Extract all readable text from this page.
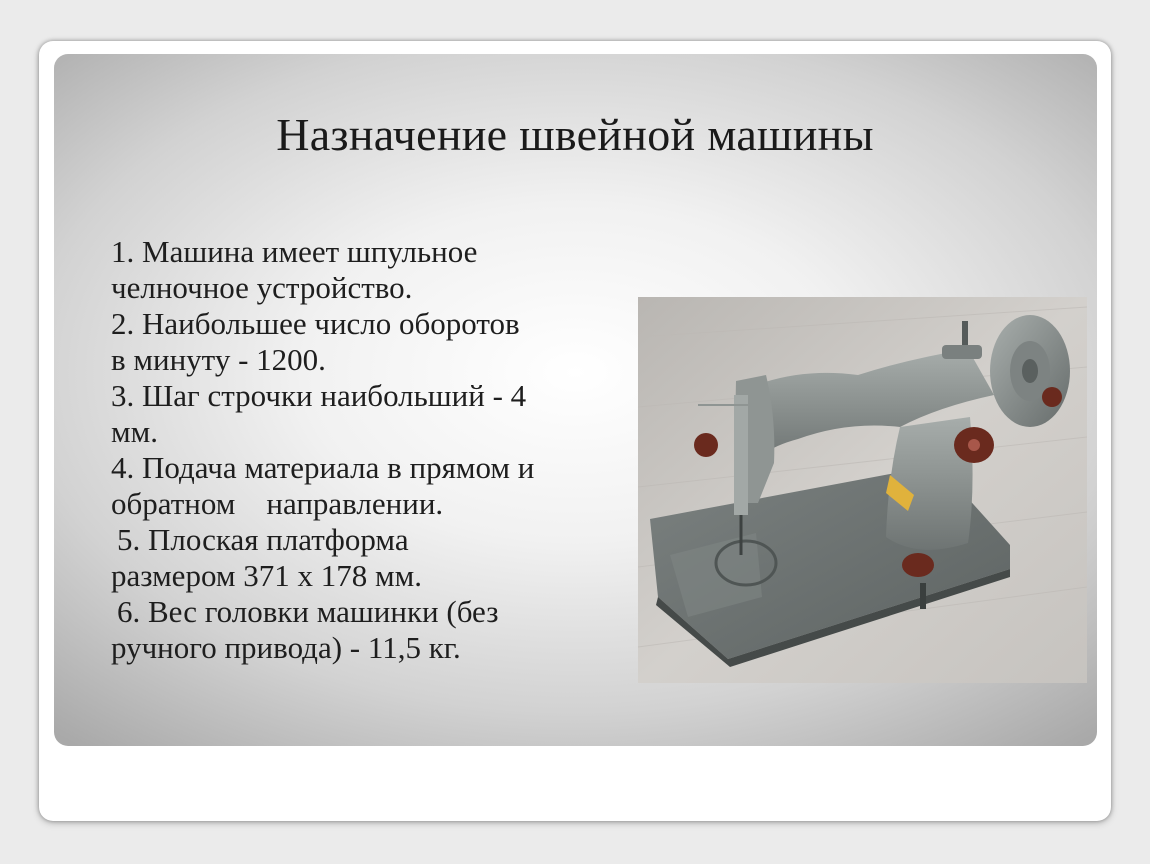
Назначение швейной машины
1. Машина имеет шпульное
челночное устройство.
2. Наибольшее число оборотов
в минуту - 1200.
3. Шаг строчки наибольший - 4
мм.
4. Подача материала в прямом и
обратном    направлении.
5. Плоская платформа
размером 371 х 178 мм.
6. Вес головки машинки (без
ручного привода) - 11,5 кг.
